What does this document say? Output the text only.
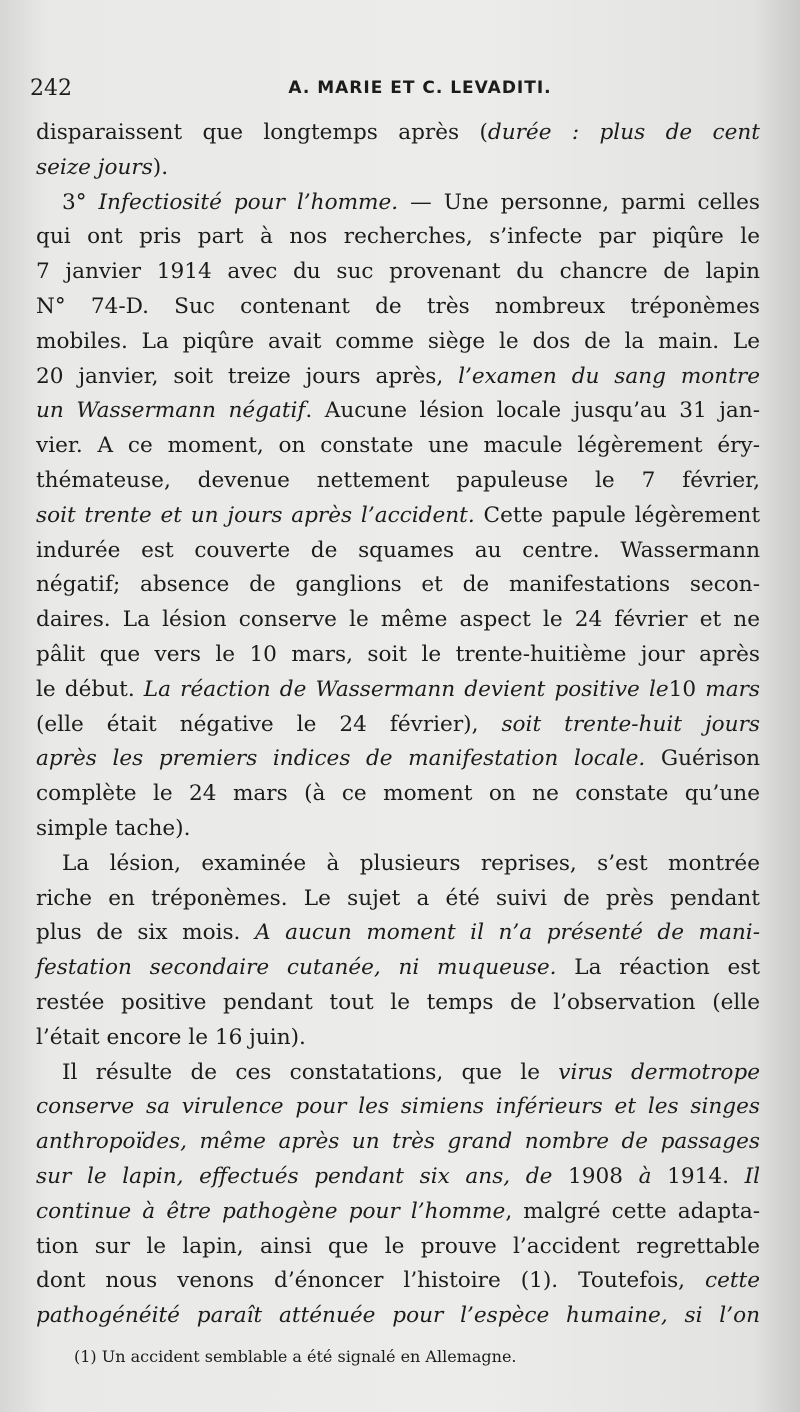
242	A. MARIE ET C. LEVADITI.
disparaissent que longtemps après (durée : plus de cent
seize jours).
3° Infectiosité pour l’homme. — Une personne, parmi celles
qui ont pris part à nos recherches, s’infecte par piqûre le
7 janvier 1914 avec du suc provenant du chancre de lapin
N° 74-D. Suc contenant de très nombreux tréponèmes
mobiles. La piqûre avait comme siège le dos de la main. Le
20 janvier, soit treize jours après, l’examen du sang montre
un Wassermann négatif. Aucune lésion locale jusqu’au 31 jan-
vier. A ce moment, on constate une macule légèrement éry-
thémateuse, devenue nettement papuleuse le 7 février,
soit trente et un jours après l’accident. Cette papule légèrement
indurée est couverte de squames au centre. Wassermann
négatif; absence de ganglions et de manifestations secon-
daires. La lésion conserve le même aspect le 24 février et ne
pâlit que vers le 10 mars, soit le trente-huitième jour après
le début. La réaction de Wassermann devient positive le10 mars
(elle était négative le 24 février), soit trente-huit jours
après les premiers indices de manifestation locale. Guérison
complète le 24 mars (à ce moment on ne constate qu’une
simple tache).
La lésion, examinée à plusieurs reprises, s’est montrée
riche en tréponèmes. Le sujet a été suivi de près pendant
plus de six mois. A aucun moment il n’a présenté de mani-
festation secondaire cutanée, ni muqueuse. La réaction est
restée positive pendant tout le temps de l’observation (elle
l’était encore le 16 juin).
Il résulte de ces constatations, que le virus dermotrope
conserve sa virulence pour les simiens inférieurs et les singes
anthropoïdes, même après un très grand nombre de passages
sur le lapin, effectués pendant six ans, de 1908 à 1914. Il
continue à être pathogène pour l’homme, malgré cette adapta-
tion sur le lapin, ainsi que le prouve l’accident regrettable
dont nous venons d’énoncer l’histoire (1). Toutefois, cette
pathogénéité paraît atténuée pour l’espèce humaine, si l’on
(1) Un accident semblable a été signalé en Allemagne.
